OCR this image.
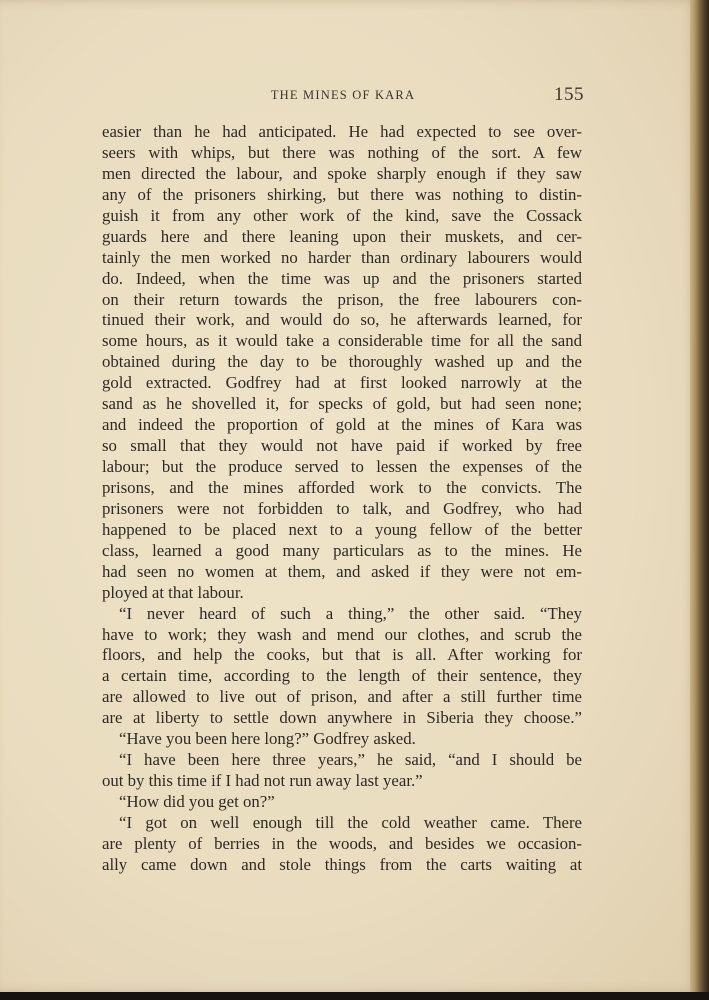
THE MINES OF KARA	155
easier than he had anticipated. He had expected to see over-
seers with whips, but there was nothing of the sort. A few
men directed the labour, and spoke sharply enough if they saw
any of the prisoners shirking, but there was nothing to distin-
guish it from any other work of the kind, save the Cossack
guards here and there leaning upon their muskets, and cer-
tainly the men worked no harder than ordinary labourers would
do. Indeed, when the time was up and the prisoners started
on their return towards the prison, the free labourers con-
tinued their work, and would do so, he afterwards learned, for
some hours, as it would take a considerable time for all the sand
obtained during the day to be thoroughly washed up and the
gold extracted. Godfrey had at first looked narrowly at the
sand as he shovelled it, for specks of gold, but had seen none;
and indeed the proportion of gold at the mines of Kara was
so small that they would not have paid if worked by free
labour; but the produce served to lessen the expenses of the
prisons, and the mines afforded work to the convicts. The
prisoners were not forbidden to talk, and Godfrey, who had
happened to be placed next to a young fellow of the better
class, learned a good many particulars as to the mines. He
had seen no women at them, and asked if they were not em-
ployed at that labour.
“I never heard of such a thing,” the other said. “They
have to work; they wash and mend our clothes, and scrub the
floors, and help the cooks, but that is all. After working for
a certain time, according to the length of their sentence, they
are allowed to live out of prison, and after a still further time
are at liberty to settle down anywhere in Siberia they choose.”
“Have you been here long?” Godfrey asked.
“I have been here three years,” he said, “and I should be
out by this time if I had not run away last year.”
“How did you get on?”
“I got on well enough till the cold weather came. There
are plenty of berries in the woods, and besides we occasion-
ally came down and stole things from the carts waiting at
